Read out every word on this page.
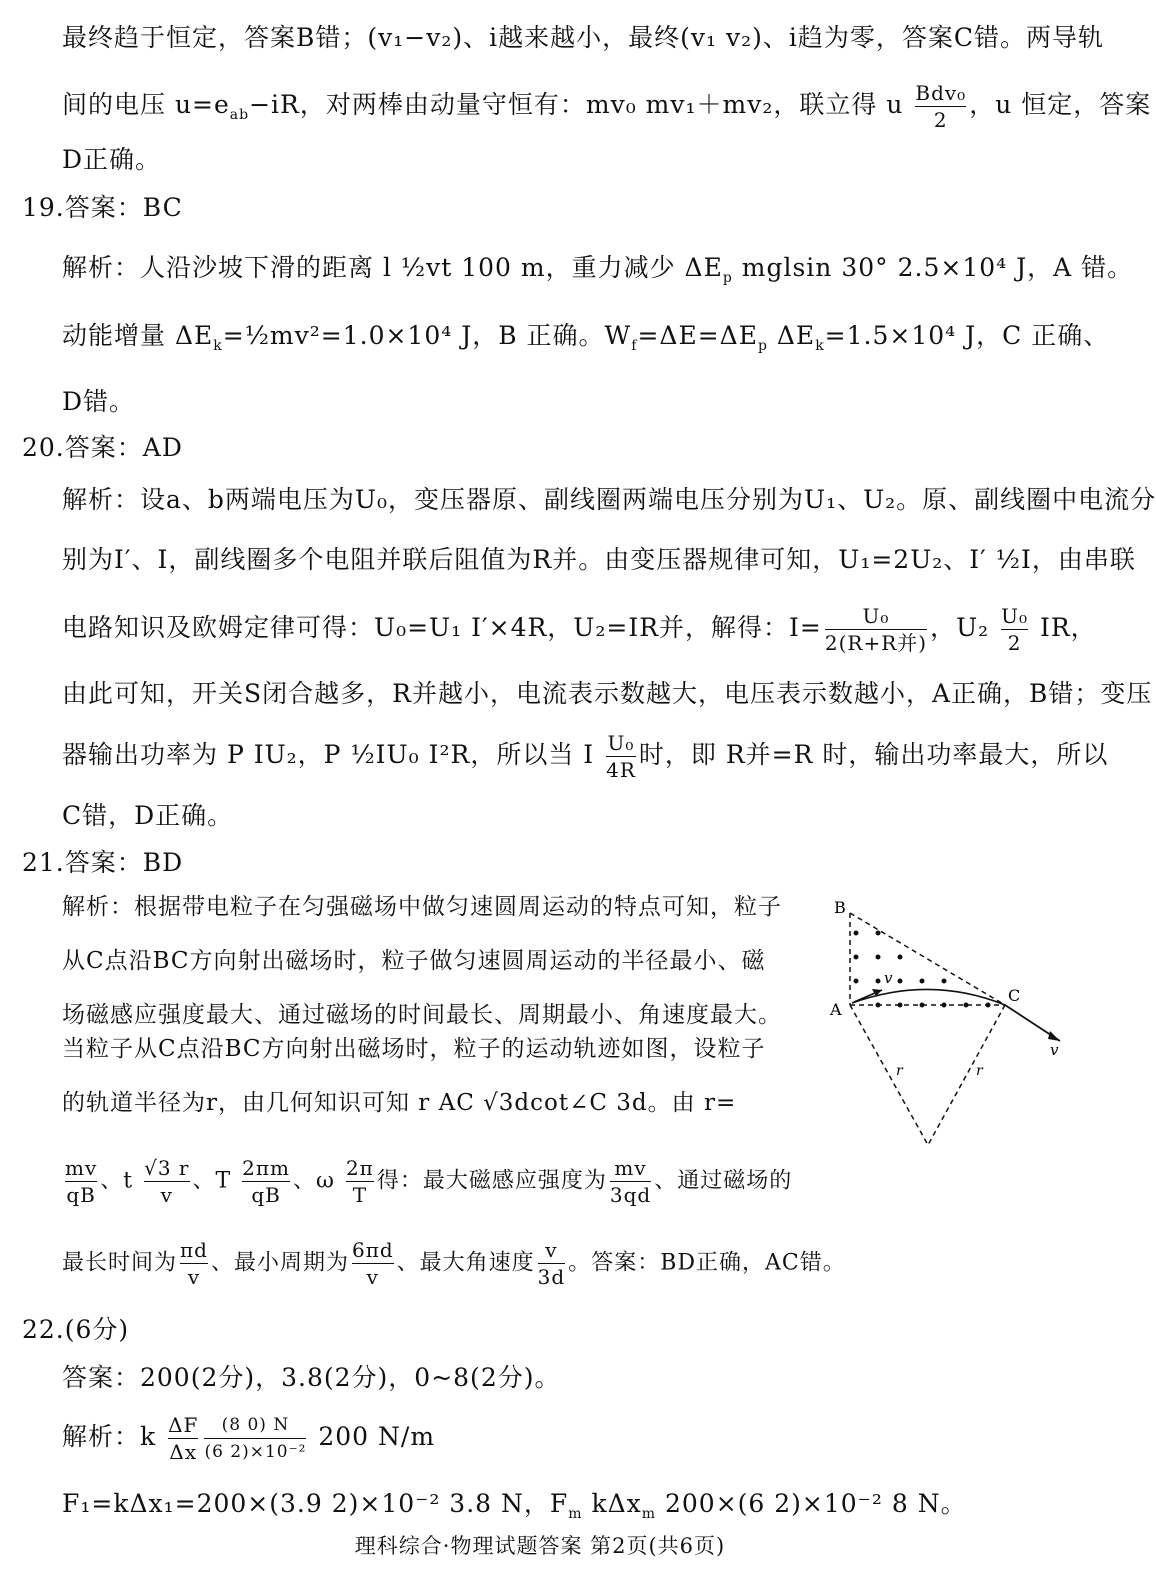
最终趋于恒定，答案B错；(v₁−v₂)、i越来越小，最终(v₁ v₂)、i趋为零，答案C错。两导轨
间的电压 $u=e_{ab}-iR$，对两棒由动量守恒有：mv₀ mv₁＋mv₂，联立得 u $\frac{\text{Bdv₀}}{2}$ ，u 恒定，答案
D正确。
19.答案：BC
解析：人沿沙坡下滑的距离 l ½vt 100 m，重力减少 $\Delta E_p$ mglsin 30° 2.5×10⁴ J，A 错。
动能增量 $\Delta E_k=\frac{1}{2}mv^2=1.0\times 10^4$ J，B 正确。$W_f=\Delta E=\Delta E_p$ $\Delta E_k=1.5\times 10^4$ J，C 正确、
D错。
20.答案：AD
解析：设a、b两端电压为U₀，变压器原、副线圈两端电压分别为U₁、U₂。原、副线圈中电流分
别为I′、I，副线圈多个电阻并联后阻值为R并。由变压器规律可知，U₁=2U₂、I′ ½I，由串联
电路知识及欧姆定律可得：U₀=U₁ I′×4R，U₂=IR并，解得：$I= \frac{\text{U₀}}{\text{2(R+R并)}}$ ，$U_2 \frac{\text{U₀}}{2}$ IR，
由此可知，开关S闭合越多，R并越小，电流表示数越大，电压表示数越小，A正确，B错；变压
器输出功率为 P IU₂，P ½IU₀ I²R，所以当 I $\frac{\text{U₀}}{4R}$ 时，即 R并=R 时，输出功率最大，所以
C错，D正确。
21.答案：BD
解析：根据带电粒子在匀强磁场中做匀速圆周运动的特点可知，粒子
从C点沿BC方向射出磁场时，粒子做匀速圆周运动的半径最小、磁
场磁感应强度最大、通过磁场的时间最长、周期最小、角速度最大。
当粒子从C点沿BC方向射出磁场时，粒子的运动轨迹如图，设粒子
的轨道半径为r，由几何知识可知 r AC √3dcot∠C 3d。由 r=
$\frac{mv}{qB}$ 、t $\frac{√3 r}{v}$ 、T $\frac{2\pi m}{qB}$ 、ω $\frac{2\pi}{T}$ 得：最大磁感应强度为 $\frac{mv}{3qd}$ 、通过磁场的
最长时间为 $\frac{\pi d}{v}$ 、最小周期为 $\frac{6\pi d}{v}$ 、最大角速度 $\frac{v}{3d}$ 。答案：BD正确，AC错。
B
A
C
v
v
r	r
22.(6分)
答案：200(2分)，3.8(2分)，0~8(2分)。
解析：k $\frac{\Delta F}{\Delta x} \frac{(8 0) N}{\text{(6 2)×10⁻²}} 200$ N/m
F₁=kΔx₁=200×(3.9 2)×10⁻² 3.8 N，$F_m$ kΔx$_m$ 200×(6 2)×10⁻² 8 N。
理科综合·物理试题答案 第2页(共6页)
